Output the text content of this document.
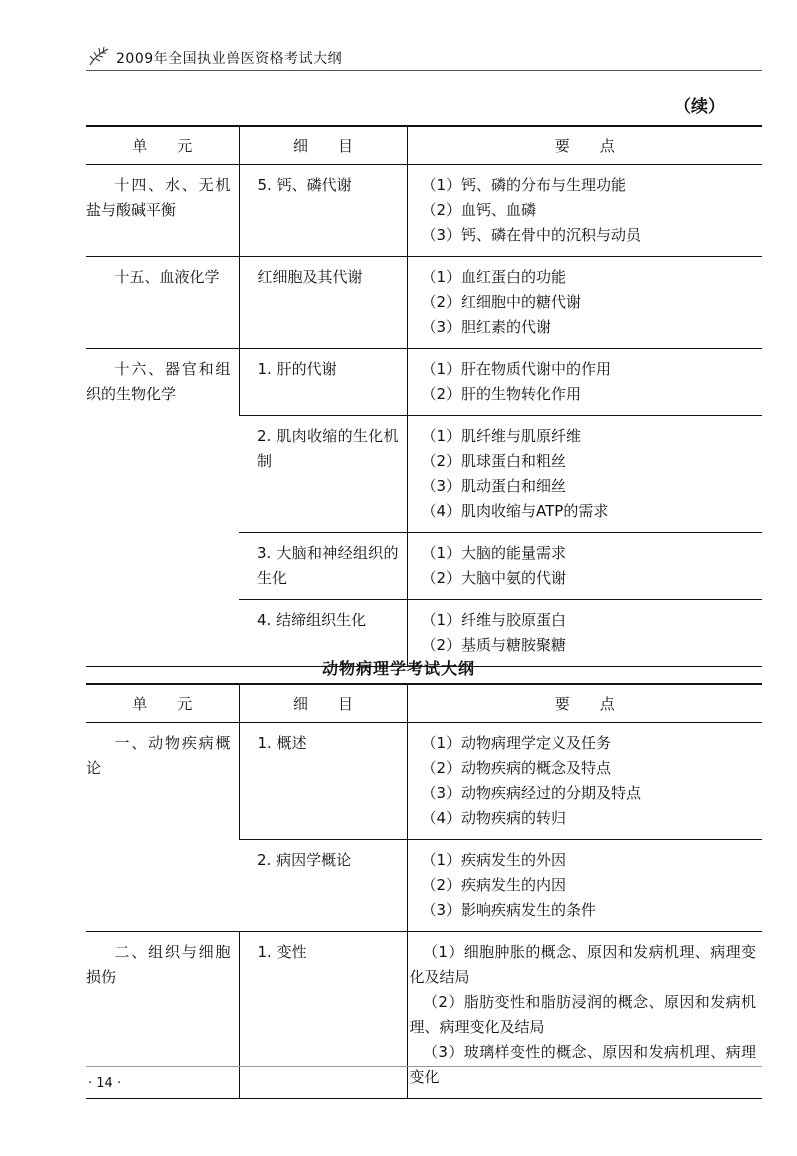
2009年全国执业兽医资格考试大纲
（续）
单　　元	细　　目	要　　点

十四、水、无机盐与酸碱平衡	5. 钙、磷代谢	（1）钙、磷的分布与生理功能
（2）血钙、血磷
（3）钙、磷在骨中的沉积与动员

十五、血液化学	红细胞及其代谢	（1）血红蛋白的功能
（2）红细胞中的糖代谢
（3）胆红素的代谢

十六、器官和组织的生物化学	1. 肝的代谢	（1）肝在物质代谢中的作用
（2）肝的生物转化作用

	2. 肌肉收缩的生化机制	（1）肌纤维与肌原纤维
（2）肌球蛋白和粗丝
（3）肌动蛋白和细丝
（4）肌肉收缩与ATP的需求

	3. 大脑和神经组织的生化	（1）大脑的能量需求
（2）大脑中氨的代谢

	4. 结缔组织生化	（1）纤维与胶原蛋白
（2）基质与糖胺聚糖
动物病理学考试大纲
单　　元	细　　目	要　　点

一、动物疾病概论	1. 概述	（1）动物病理学定义及任务
（2）动物疾病的概念及特点
（3）动物疾病经过的分期及特点
（4）动物疾病的转归

	2. 病因学概论	（1）疾病发生的外因
（2）疾病发生的内因
（3）影响疾病发生的条件

二、组织与细胞损伤	1. 变性	（1）细胞肿胀的概念、原因和发病机理、病理变化及结局
（2）脂肪变性和脂肪浸润的概念、原因和发病机理、病理变化及结局
（3）玻璃样变性的概念、原因和发病机理、病理变化
· 14 ·
